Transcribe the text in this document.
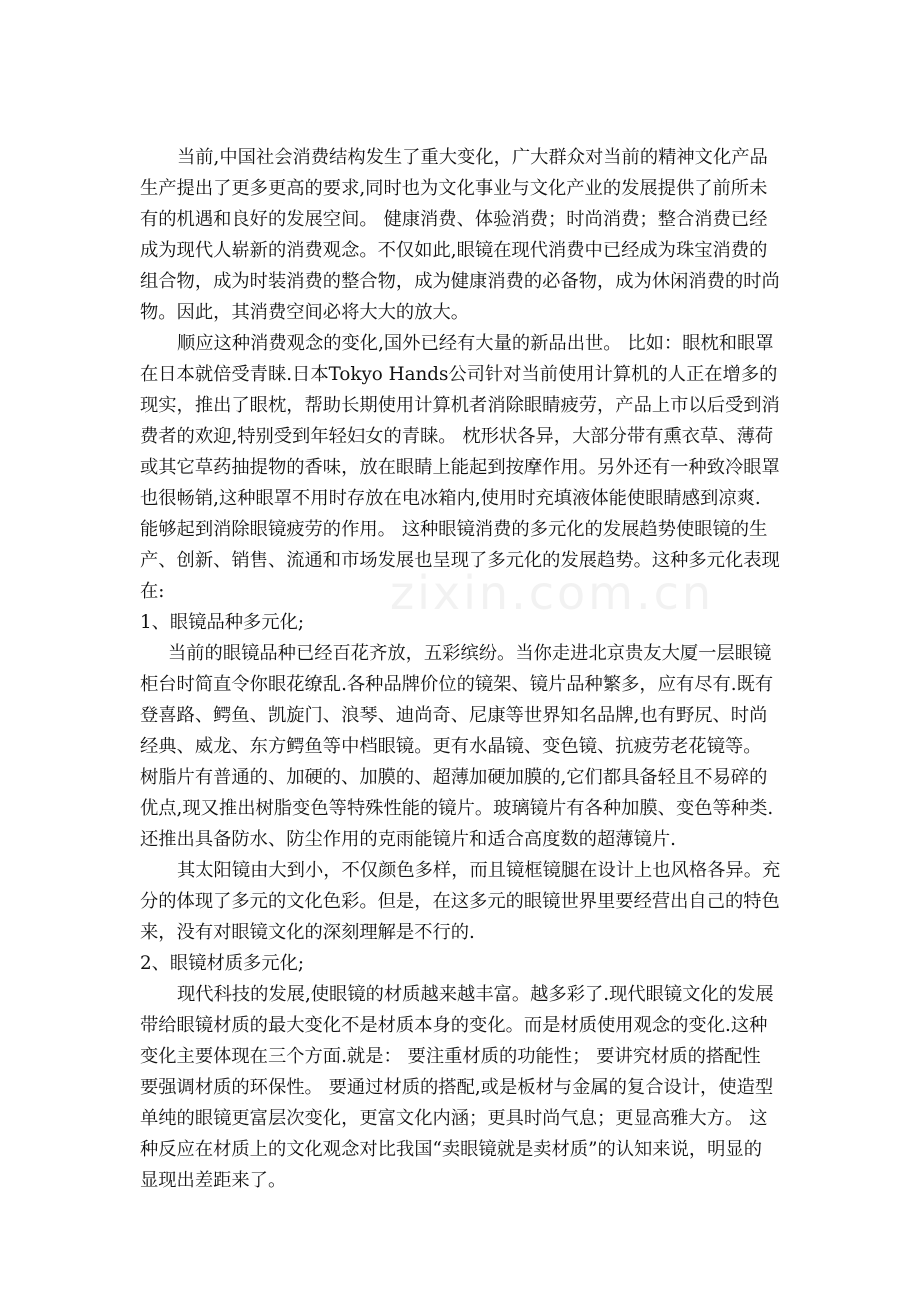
zixin.com.cn
当前,中国社会消费结构发生了重大变化，广大群众对当前的精神文化产品
生产提出了更多更高的要求,同时也为文化事业与文化产业的发展提供了前所未
有的机遇和良好的发展空间。 健康消费、体验消费；时尚消费；整合消费已经
成为现代人崭新的消费观念。不仅如此,眼镜在现代消费中已经成为珠宝消费的
组合物，成为时装消费的整合物，成为健康消费的必备物，成为休闲消费的时尚
物。因此，其消费空间必将大大的放大。
顺应这种消费观念的变化,国外已经有大量的新品出世。 比如：眼枕和眼罩
在日本就倍受青睐.日本Tokyo Hands公司针对当前使用计算机的人正在增多的
现实，推出了眼枕，帮助长期使用计算机者消除眼睛疲劳，产品上市以后受到消
费者的欢迎,特别受到年轻妇女的青睐。 枕形状各异，大部分带有熏衣草、薄荷
或其它草药抽提物的香味，放在眼睛上能起到按摩作用。另外还有一种致冷眼罩
也很畅销,这种眼罩不用时存放在电冰箱内,使用时充填液体能使眼睛感到凉爽.
能够起到消除眼镜疲劳的作用。 这种眼镜消费的多元化的发展趋势使眼镜的生
产、创新、销售、流通和市场发展也呈现了多元化的发展趋势。这种多元化表现
在:
1、眼镜品种多元化;
当前的眼镜品种已经百花齐放，五彩缤纷。当你走进北京贵友大厦一层眼镜
柜台时简直令你眼花缭乱.各种品牌价位的镜架、镜片品种繁多，应有尽有.既有
登喜路、鳄鱼、凯旋门、浪琴、迪尚奇、尼康等世界知名品牌,也有野尻、时尚
经典、威龙、东方鳄鱼等中档眼镜。更有水晶镜、变色镜、抗疲劳老花镜等。
树脂片有普通的、加硬的、加膜的、超薄加硬加膜的,它们都具备轻且不易碎的
优点,现又推出树脂变色等特殊性能的镜片。玻璃镜片有各种加膜、变色等种类.
还推出具备防水、防尘作用的克雨能镜片和适合高度数的超薄镜片.
其太阳镜由大到小，不仅颜色多样，而且镜框镜腿在设计上也风格各异。充
分的体现了多元的文化色彩。但是，在这多元的眼镜世界里要经营出自己的特色
来，没有对眼镜文化的深刻理解是不行的.
2、眼镜材质多元化;
现代科技的发展,使眼镜的材质越来越丰富。越多彩了.现代眼镜文化的发展
带给眼镜材质的最大变化不是材质本身的变化。而是材质使用观念的变化.这种
变化主要体现在三个方面.就是： 要注重材质的功能性； 要讲究材质的搭配性
要强调材质的环保性。 要通过材质的搭配,或是板材与金属的复合设计，使造型
单纯的眼镜更富层次变化，更富文化内涵；更具时尚气息；更显高雅大方。 这
种反应在材质上的文化观念对比我国“卖眼镜就是卖材质”的认知来说，明显的
显现出差距来了。
